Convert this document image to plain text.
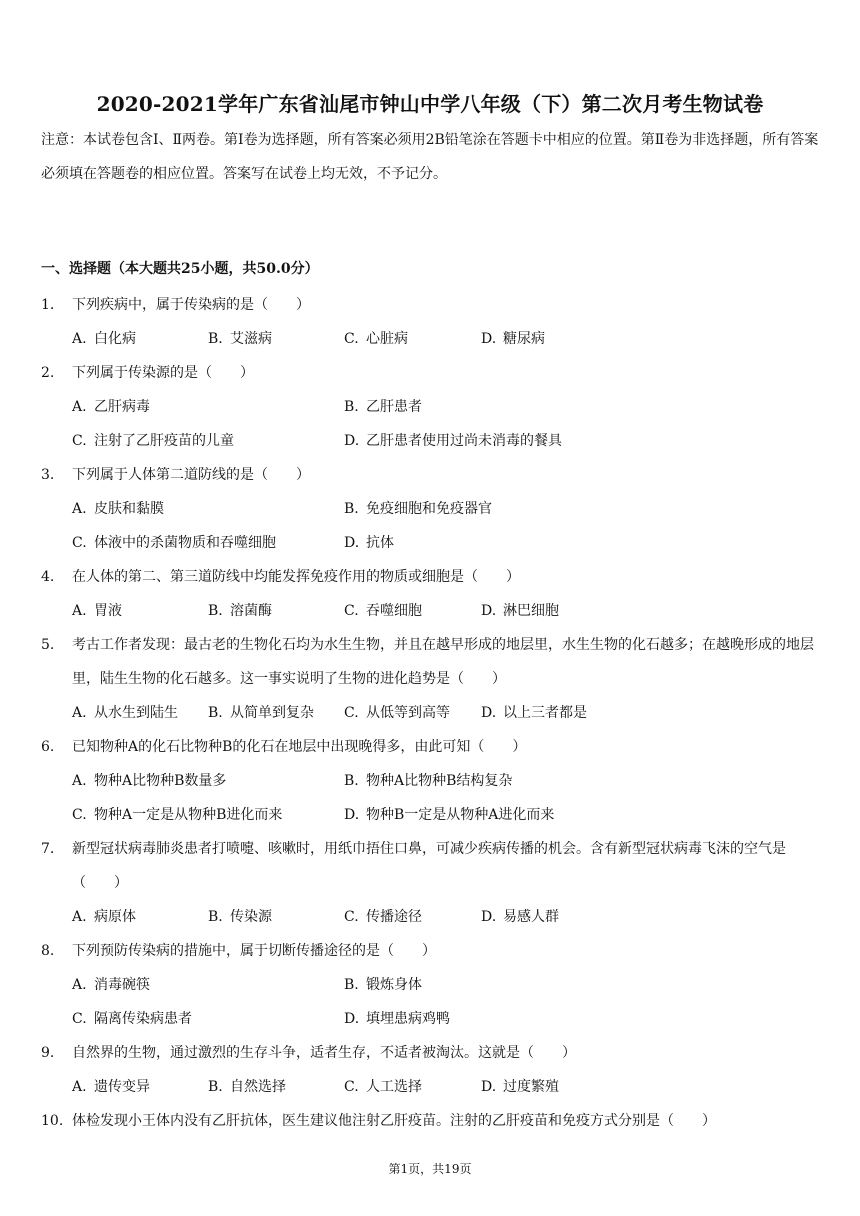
2020-2021学年广东省汕尾市钟山中学八年级（下）第二次月考生物试卷
注意：本试卷包含Ⅰ、Ⅱ两卷。第Ⅰ卷为选择题，所有答案必须用2B铅笔涂在答题卡中相应的位置。第Ⅱ卷为非选择题，所有答案必须填在答题卷的相应位置。答案写在试卷上均无效，不予记分。
一、选择题（本大题共25小题，共50.0分）
1. 下列疾病中，属于传染病的是（　　）
A. 白化病	B. 艾滋病	C. 心脏病	D. 糖尿病
2. 下列属于传染源的是（　　）
A. 乙肝病毒	B. 乙肝患者
C. 注射了乙肝疫苗的儿童	D. 乙肝患者使用过尚未消毒的餐具
3. 下列属于人体第二道防线的是（　　）
A. 皮肤和黏膜	B. 免疫细胞和免疫器官
C. 体液中的杀菌物质和吞噬细胞	D. 抗体
4. 在人体的第二、第三道防线中均能发挥免疫作用的物质或细胞是（　　）
A. 胃液	B. 溶菌酶	C. 吞噬细胞	D. 淋巴细胞
5. 考古工作者发现：最古老的生物化石均为水生生物，并且在越早形成的地层里，水生生物的化石越多；在越晚形成的地层里，陆生生物的化石越多。这一事实说明了生物的进化趋势是（　　）
A. 从水生到陆生 B. 从简单到复杂 C. 从低等到高等 D. 以上三者都是
6. 已知物种A的化石比物种B的化石在地层中出现晚得多，由此可知（　　）
A. 物种A比物种B数量多	B. 物种A比物种B结构复杂
C. 物种A一定是从物种B进化而来	D. 物种B一定是从物种A进化而来
7. 新型冠状病毒肺炎患者打喷嚏、咳嗽时，用纸巾捂住口鼻，可减少疾病传播的机会。含有新型冠状病毒飞沫的空气是（　　）
A. 病原体	B. 传染源	C. 传播途径	D. 易感人群
8. 下列预防传染病的措施中，属于切断传播途径的是（　　）
A. 消毒碗筷	B. 锻炼身体
C. 隔离传染病患者	D. 填埋患病鸡鸭
9. 自然界的生物，通过激烈的生存斗争，适者生存，不适者被淘汰。这就是（　　）
A. 遗传变异	B. 自然选择	C. 人工选择	D. 过度繁殖
10. 体检发现小王体内没有乙肝抗体，医生建议他注射乙肝疫苗。注射的乙肝疫苗和免疫方式分别是（　　）
第1页，共19页
